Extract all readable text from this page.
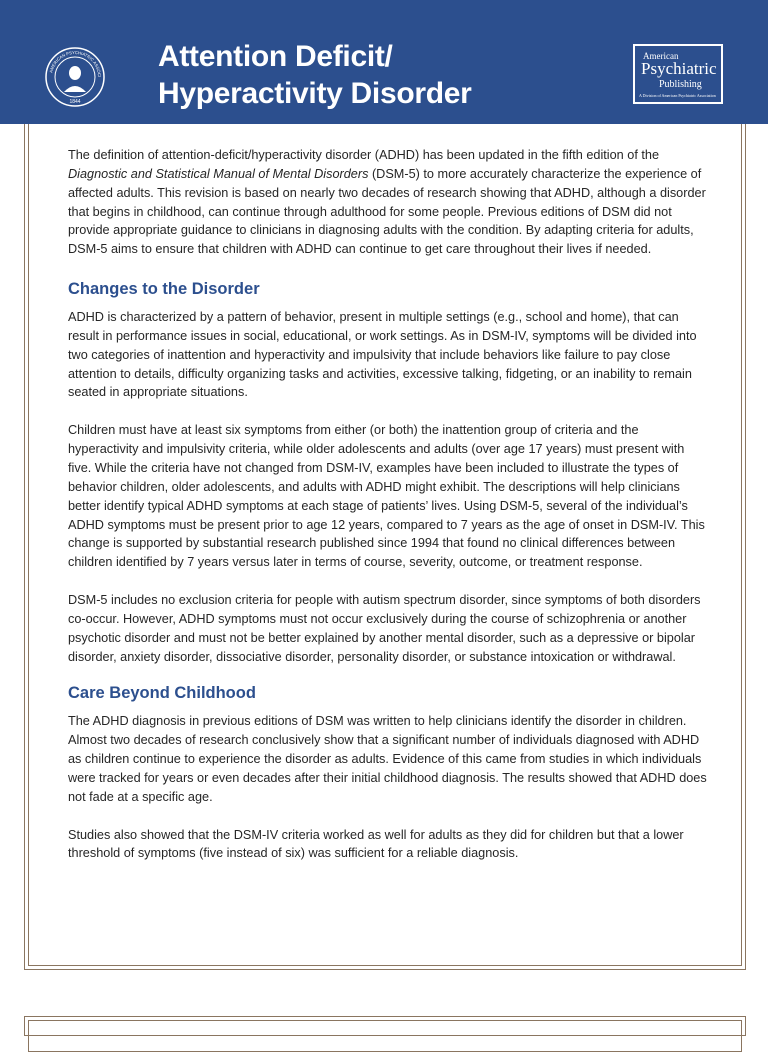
AMERICAN PSYCHIATRIC ASSOCI
1844
Attention Deficit/
Hyperactivity Disorder
American
Psychiatric
Publishing
A Division of American Psychiatric Association

The definition of attention-deficit/hyperactivity disorder (ADHD) has been updated in the fifth edition of the Diagnostic and Statistical Manual of Mental Disorders (DSM-5) to more accurately characterize the experience of affected adults. This revision is based on nearly two decades of research showing that ADHD, although a disorder that begins in childhood, can continue through adulthood for some people. Previous editions of DSM did not provide appropriate guidance to clinicians in diagnosing adults with the condition. By adapting criteria for adults, DSM-5 aims to ensure that children with ADHD can continue to get care throughout their lives if needed.

Changes to the Disorder

ADHD is characterized by a pattern of behavior, present in multiple settings (e.g., school and home), that can result in performance issues in social, educational, or work settings. As in DSM-IV, symptoms will be divided into two categories of inattention and hyperactivity and impulsivity that include behaviors like failure to pay close attention to details, difficulty organizing tasks and activities, excessive talking, fidgeting, or an inability to remain seated in appropriate situations.

Children must have at least six symptoms from either (or both) the inattention group of criteria and the hyperactivity and impulsivity criteria, while older adolescents and adults (over age 17 years) must present with five. While the criteria have not changed from DSM-IV, examples have been included to illustrate the types of behavior children, older adolescents, and adults with ADHD might exhibit. The descriptions will help clinicians better identify typical ADHD symptoms at each stage of patients’ lives. Using DSM-5, several of the individual’s ADHD symptoms must be present prior to age 12 years, compared to 7 years as the age of onset in DSM-IV. This change is supported by substantial research published since 1994 that found no clinical differences between children identified by 7 years versus later in terms of course, severity, outcome, or treatment response.

DSM-5 includes no exclusion criteria for people with autism spectrum disorder, since symptoms of both disorders co-occur. However, ADHD symptoms must not occur exclusively during the course of schizophrenia or another psychotic disorder and must not be better explained by another mental disorder, such as a depressive or bipolar disorder, anxiety disorder, dissociative disorder, personality disorder, or substance intoxication or withdrawal.

Care Beyond Childhood

The ADHD diagnosis in previous editions of DSM was written to help clinicians identify the disorder in children. Almost two decades of research conclusively show that a significant number of individuals diagnosed with ADHD as children continue to experience the disorder as adults. Evidence of this came from studies in which individuals were tracked for years or even decades after their initial childhood diagnosis. The results showed that ADHD does not fade at a specific age.

Studies also showed that the DSM-IV criteria worked as well for adults as they did for children but that a lower threshold of symptoms (five instead of six) was sufficient for a reliable diagnosis.
